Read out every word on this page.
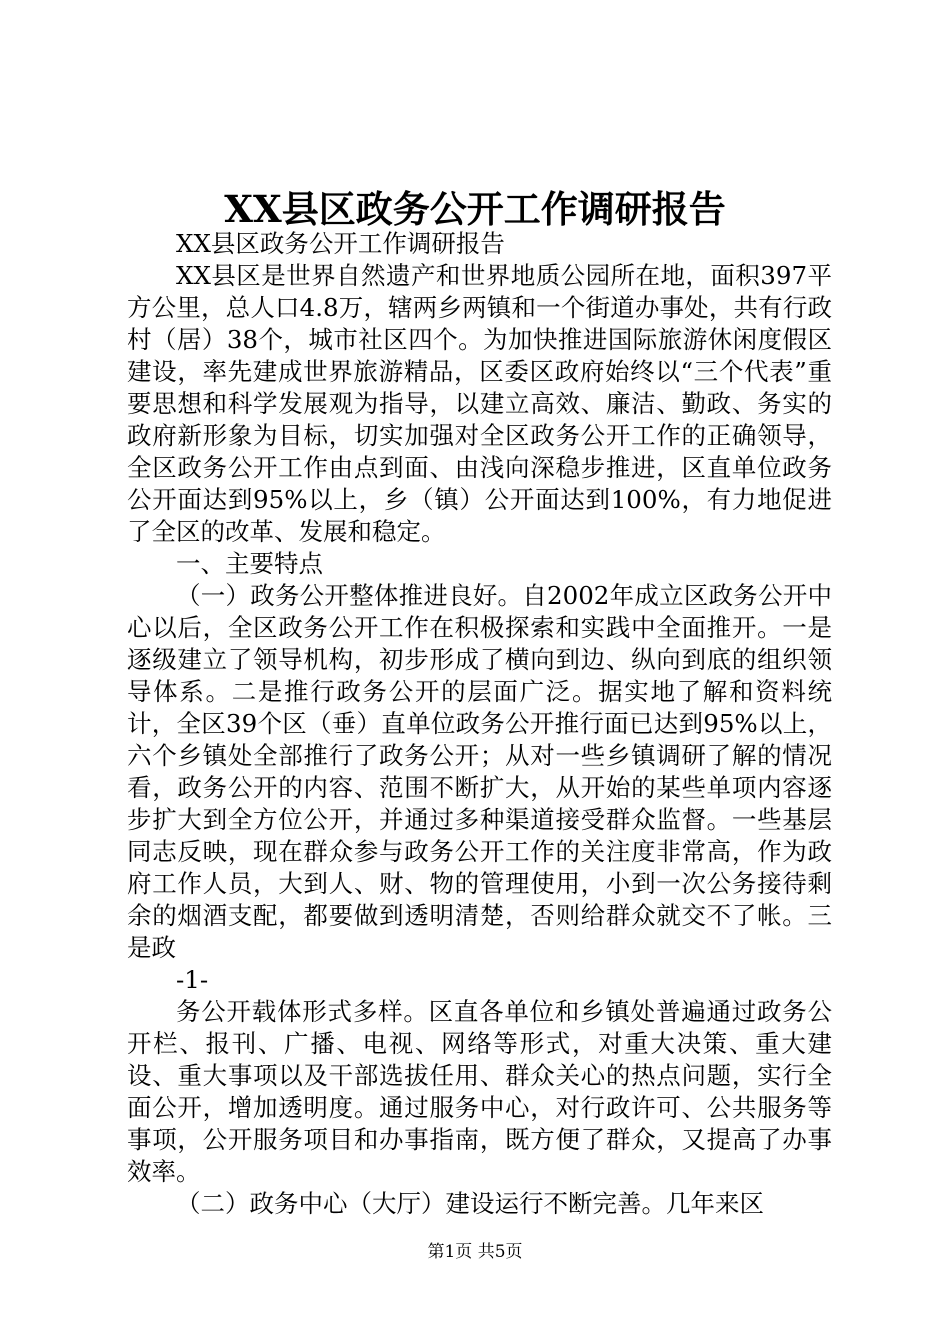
XX县区政务公开工作调研报告

XX县区政务公开工作调研报告

XX县区是世界自然遗产和世界地质公园所在地，面积397平方公里，总人口4.8万，辖两乡两镇和一个街道办事处，共有行政村（居）38个，城市社区四个。为加快推进国际旅游休闲度假区建设，率先建成世界旅游精品，区委区政府始终以“三个代表”重要思想和科学发展观为指导，以建立高效、廉洁、勤政、务实的政府新形象为目标，切实加强对全区政务公开工作的正确领导，全区政务公开工作由点到面、由浅向深稳步推进，区直单位政务公开面达到95%以上，乡（镇）公开面达到100%，有力地促进了全区的改革、发展和稳定。

一、主要特点

（一）政务公开整体推进良好。自2002年成立区政务公开中心以后，全区政务公开工作在积极探索和实践中全面推开。一是逐级建立了领导机构，初步形成了横向到边、纵向到底的组织领导体系。二是推行政务公开的层面广泛。据实地了解和资料统计，全区39个区（垂）直单位政务公开推行面已达到95%以上，六个乡镇处全部推行了政务公开；从对一些乡镇调研了解的情况看，政务公开的内容、范围不断扩大，从开始的某些单项内容逐步扩大到全方位公开，并通过多种渠道接受群众监督。一些基层同志反映，现在群众参与政务公开工作的关注度非常高，作为政府工作人员，大到人、财、物的管理使用，小到一次公务接待剩余的烟酒支配，都要做到透明清楚，否则给群众就交不了帐。三是政

-1-

务公开载体形式多样。区直各单位和乡镇处普遍通过政务公开栏、报刊、广播、电视、网络等形式，对重大决策、重大建设、重大事项以及干部选拔任用、群众关心的热点问题，实行全面公开，增加透明度。通过服务中心，对行政许可、公共服务等事项，公开服务项目和办事指南，既方便了群众，又提高了办事效率。

（二）政务中心（大厅）建设运行不断完善。几年来区

第1页 共5页
